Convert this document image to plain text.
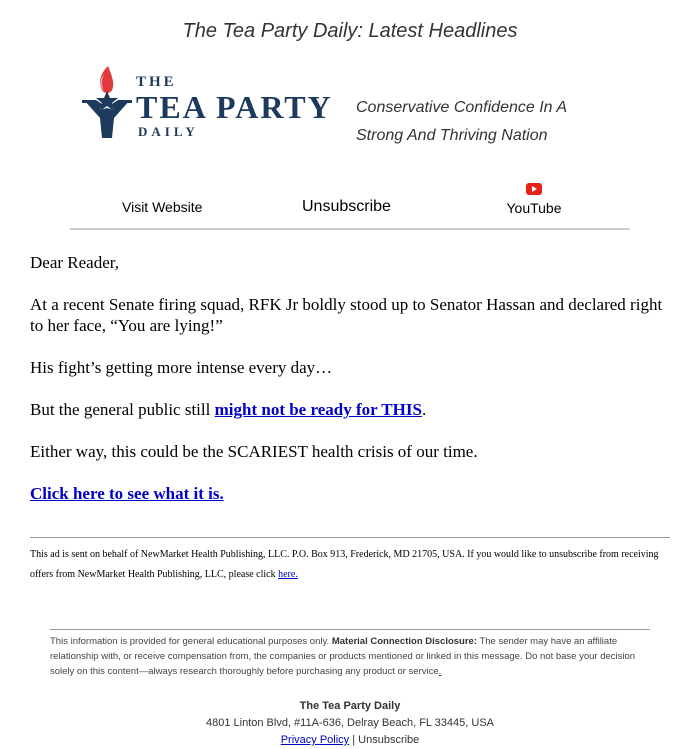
The Tea Party Daily: Latest Headlines
THE
TEA PARTY
DAILY
Conservative Confidence In A
Strong And Thriving Nation
Visit Website	Unsubscribe	YouTube

Dear Reader,

At a recent Senate firing squad, RFK Jr boldly stood up to Senator Hassan and declared right to her face, “You are lying!”

His fight’s getting more intense every day…

But the general public still might not be ready for THIS.

Either way, this could be the SCARIEST health crisis of our time.

Click here to see what it is.

This ad is sent on behalf of NewMarket Health Publishing, LLC. P.O. Box 913, Frederick, MD 21705, USA. If you would like to unsubscribe from receiving offers from NewMarket Health Publishing, LLC, please click here.
This information is provided for general educational purposes only. Material Connection Disclosure: The sender may have an affiliate relationship with, or receive compensation from, the companies or products mentioned or linked in this message. Do not base your decision solely on this content—always research thoroughly before purchasing any product or service.
The Tea Party Daily
4801 Linton Blvd, #11A-636, Delray Beach, FL 33445, USA
Privacy Policy | Unsubscribe
